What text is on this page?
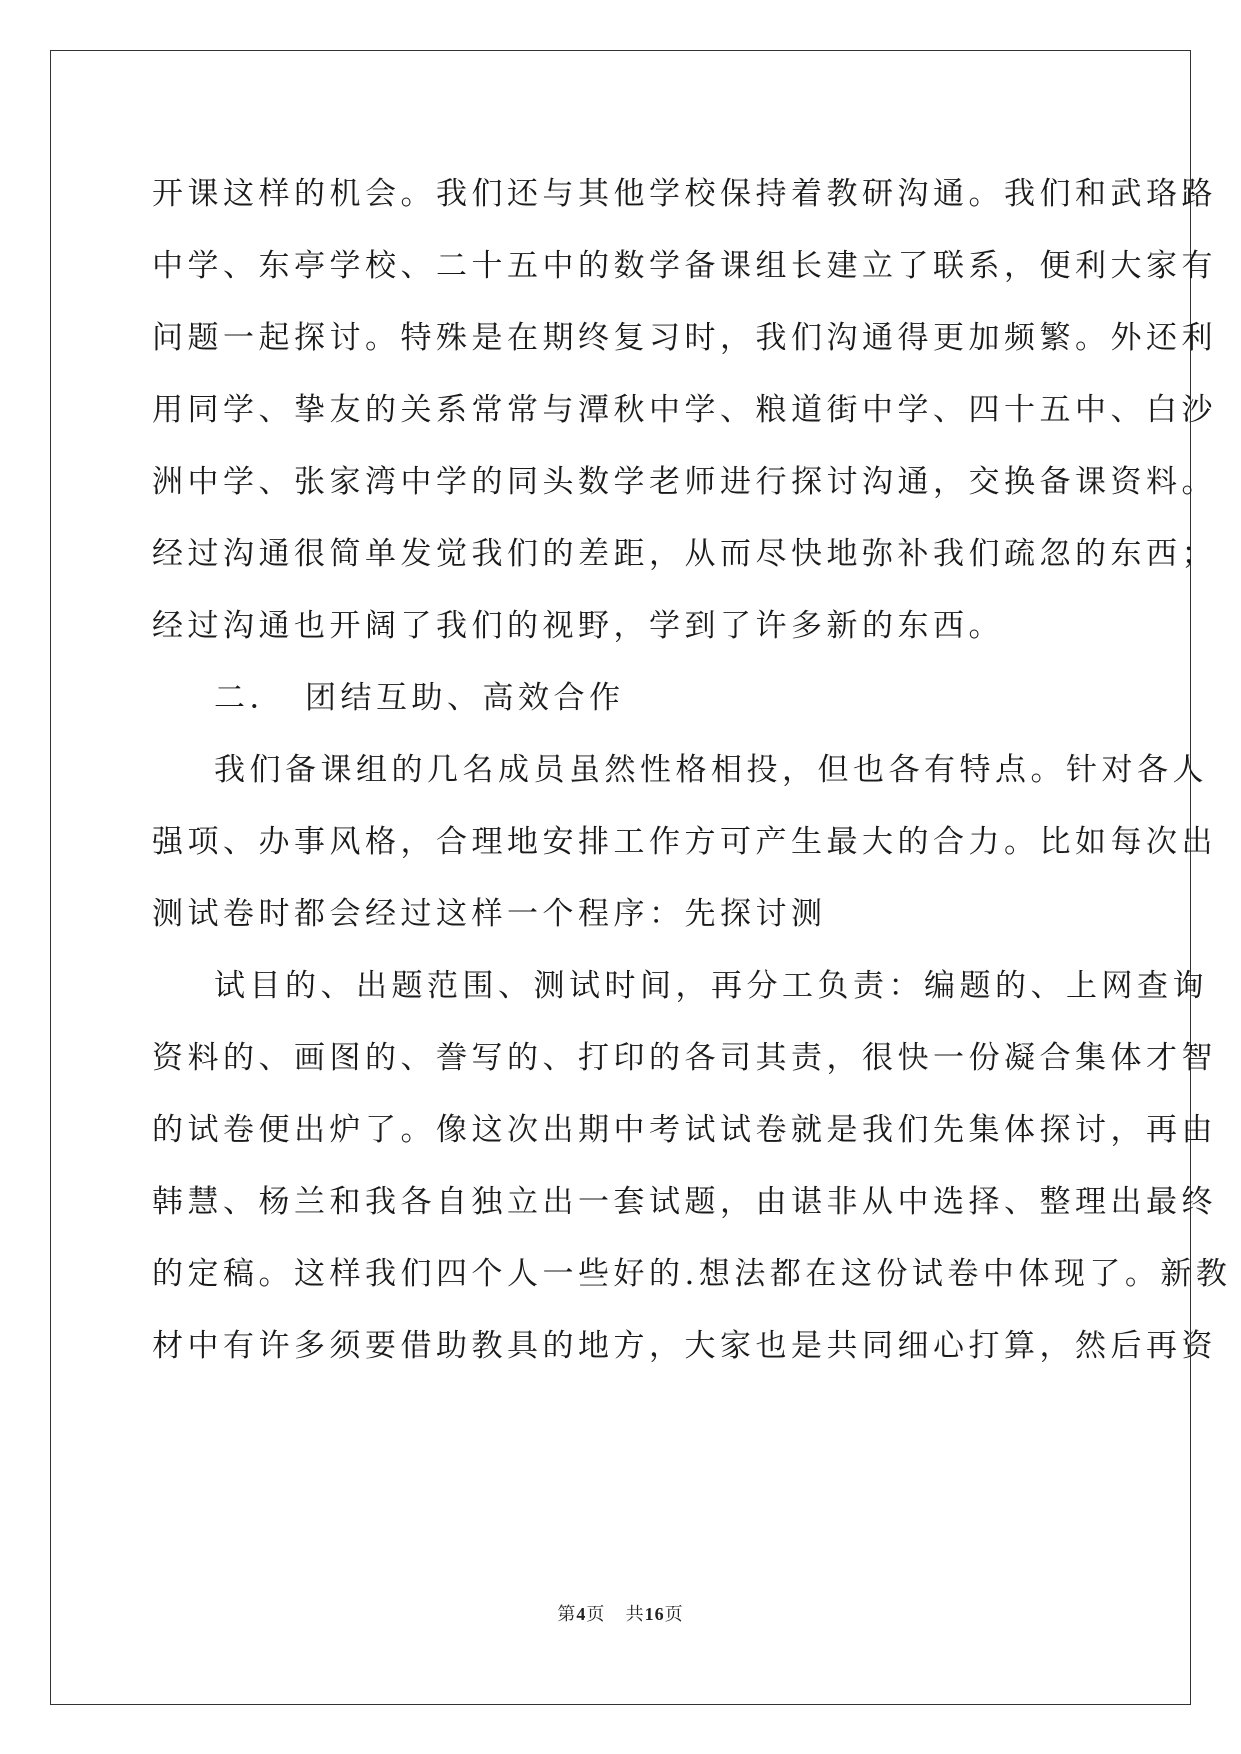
开课这样的机会。我们还与其他学校保持着教研沟通。我们和武珞路
中学、东亭学校、二十五中的数学备课组长建立了联系，便利大家有
问题一起探讨。特殊是在期终复习时，我们沟通得更加频繁。外还利
用同学、挚友的关系常常与潭秋中学、粮道街中学、四十五中、白沙
洲中学、张家湾中学的同头数学老师进行探讨沟通，交换备课资料。
经过沟通很简单发觉我们的差距，从而尽快地弥补我们疏忽的东西；
经过沟通也开阔了我们的视野，学到了许多新的东西。
二．　团结互助、高效合作
我们备课组的几名成员虽然性格相投，但也各有特点。针对各人
强项、办事风格，合理地安排工作方可产生最大的合力。比如每次出
测试卷时都会经过这样一个程序：先探讨测
试目的、出题范围、测试时间，再分工负责：编题的、上网查询
资料的、画图的、誊写的、打印的各司其责，很快一份凝合集体才智
的试卷便出炉了。像这次出期中考试试卷就是我们先集体探讨，再由
韩慧、杨兰和我各自独立出一套试题，由谌非从中选择、整理出最终
的定稿。这样我们四个人一些好的.想法都在这份试卷中体现了。新教
材中有许多须要借助教具的地方，大家也是共同细心打算，然后再资
第4页 共16页
